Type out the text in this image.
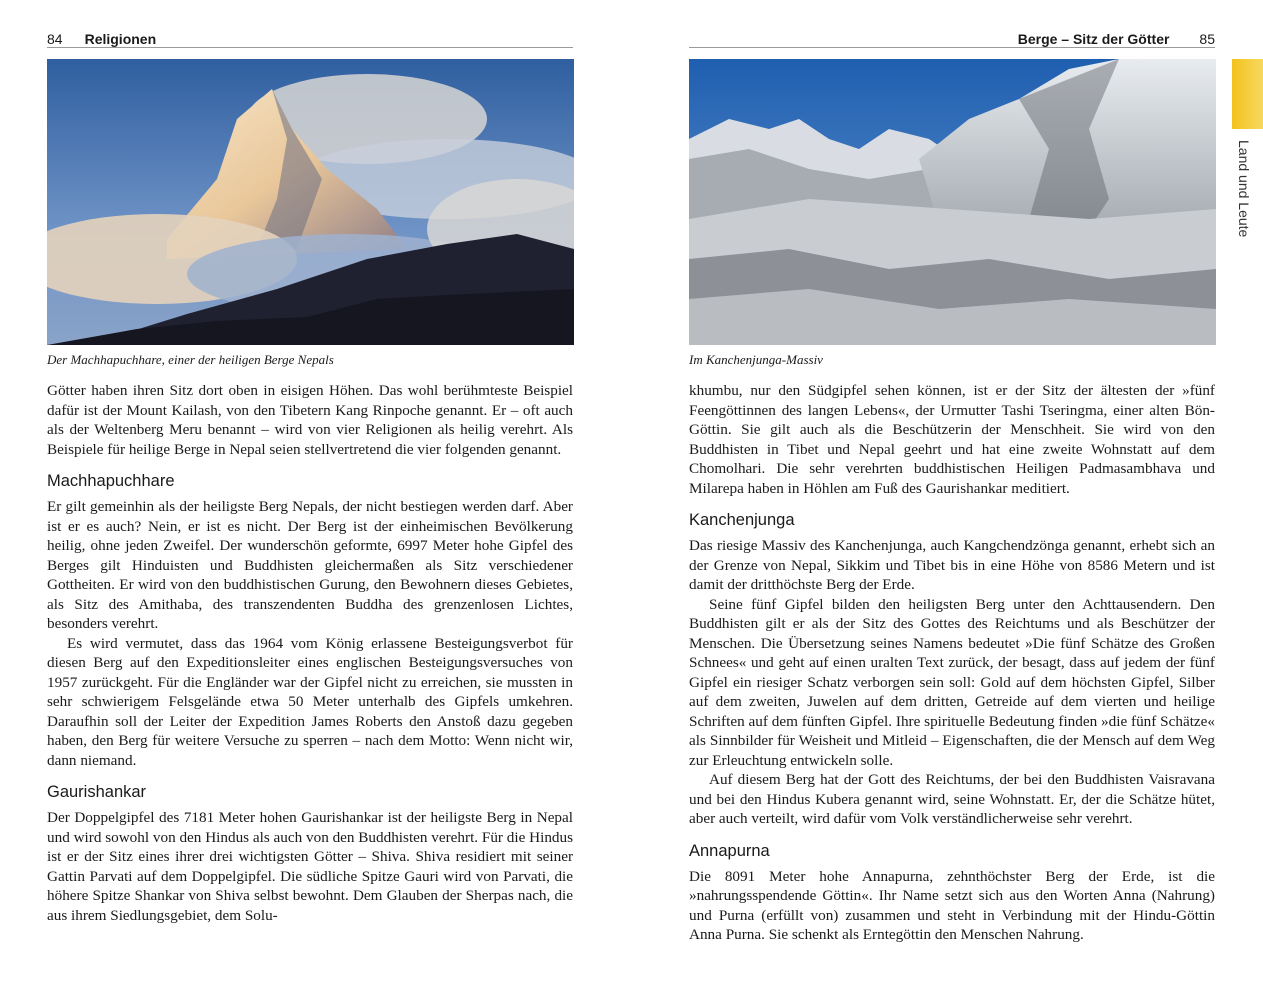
84 Religionen
Der Machhapuchhare, einer der heiligen Berge Nepals

Götter haben ihren Sitz dort oben in eisigen Höhen. Das wohl berühmteste Beispiel dafür ist der Mount Kailash, von den Tibetern Kang Rinpoche genannt. Er – oft auch als der Weltenberg Meru benannt – wird von vier Religionen als heilig verehrt. Als Beispiele für heilige Berge in Nepal seien stellvertretend die vier folgenden genannt.

Machhapuchhare

Er gilt gemeinhin als der heiligste Berg Nepals, der nicht bestiegen werden darf. Aber ist er es auch? Nein, er ist es nicht. Der Berg ist der einheimischen Bevölkerung heilig, ohne jeden Zweifel. Der wunderschön geformte, 6997 Meter hohe Gipfel des Berges gilt Hinduisten und Buddhisten gleichermaßen als Sitz verschiedener Gottheiten. Er wird von den buddhistischen Gurung, den Bewohnern dieses Gebietes, als Sitz des Amithaba, des transzendenten Buddha des grenzenlosen Lichtes, besonders verehrt.

Es wird vermutet, dass das 1964 vom König erlassene Besteigungsverbot für diesen Berg auf den Expeditionsleiter eines englischen Besteigungsversuches von 1957 zurückgeht. Für die Engländer war der Gipfel nicht zu erreichen, sie mussten in sehr schwierigem Felsgelände etwa 50 Meter unterhalb des Gipfels umkehren. Daraufhin soll der Leiter der Expedition James Roberts den Anstoß dazu gegeben haben, den Berg für weitere Versuche zu sperren – nach dem Motto: Wenn nicht wir, dann niemand.

Gaurishankar

Der Doppelgipfel des 7181 Meter hohen Gaurishankar ist der heiligste Berg in Nepal und wird sowohl von den Hindus als auch von den Buddhisten verehrt. Für die Hindus ist er der Sitz eines ihrer drei wichtigsten Götter – Shiva. Shiva residiert mit seiner Gattin Parvati auf dem Doppelgipfel. Die südliche Spitze Gauri wird von Parvati, die höhere Spitze Shankar von Shiva selbst bewohnt. Dem Glauben der Sherpas nach, die aus ihrem Siedlungsgebiet, dem Solu-

Berge – Sitz der Götter 85
Im Kanchenjunga-Massiv
Land und Leute

khumbu, nur den Südgipfel sehen können, ist er der Sitz der ältesten der »fünf Feengöttinnen des langen Lebens«, der Urmutter Tashi Tseringma, einer alten Bön-Göttin. Sie gilt auch als die Beschützerin der Menschheit. Sie wird von den Buddhisten in Tibet und Nepal geehrt und hat eine zweite Wohnstatt auf dem Chomolhari. Die sehr verehrten buddhistischen Heiligen Padmasambhava und Milarepa haben in Höhlen am Fuß des Gaurishankar meditiert.

Kanchenjunga

Das riesige Massiv des Kanchenjunga, auch Kangchendzönga genannt, erhebt sich an der Grenze von Nepal, Sikkim und Tibet bis in eine Höhe von 8586 Metern und ist damit der dritthöchste Berg der Erde.

Seine fünf Gipfel bilden den heiligsten Berg unter den Achttausendern. Den Buddhisten gilt er als der Sitz des Gottes des Reichtums und als Beschützer der Menschen. Die Übersetzung seines Namens bedeutet »Die fünf Schätze des Großen Schnees« und geht auf einen uralten Text zurück, der besagt, dass auf jedem der fünf Gipfel ein riesiger Schatz verborgen sein soll: Gold auf dem höchsten Gipfel, Silber auf dem zweiten, Juwelen auf dem dritten, Getreide auf dem vierten und heilige Schriften auf dem fünften Gipfel. Ihre spirituelle Bedeutung finden »die fünf Schätze« als Sinnbilder für Weisheit und Mitleid – Eigenschaften, die der Mensch auf dem Weg zur Erleuchtung entwickeln solle.

Auf diesem Berg hat der Gott des Reichtums, der bei den Buddhisten Vaisravana und bei den Hindus Kubera genannt wird, seine Wohnstatt. Er, der die Schätze hütet, aber auch verteilt, wird dafür vom Volk verständlicherweise sehr verehrt.

Annapurna

Die 8091 Meter hohe Annapurna, zehnthöchster Berg der Erde, ist die »nahrungsspendende Göttin«. Ihr Name setzt sich aus den Worten Anna (Nahrung) und Purna (erfüllt von) zusammen und steht in Verbindung mit der Hindu-Göttin Anna Purna. Sie schenkt als Erntegöttin den Menschen Nahrung.
